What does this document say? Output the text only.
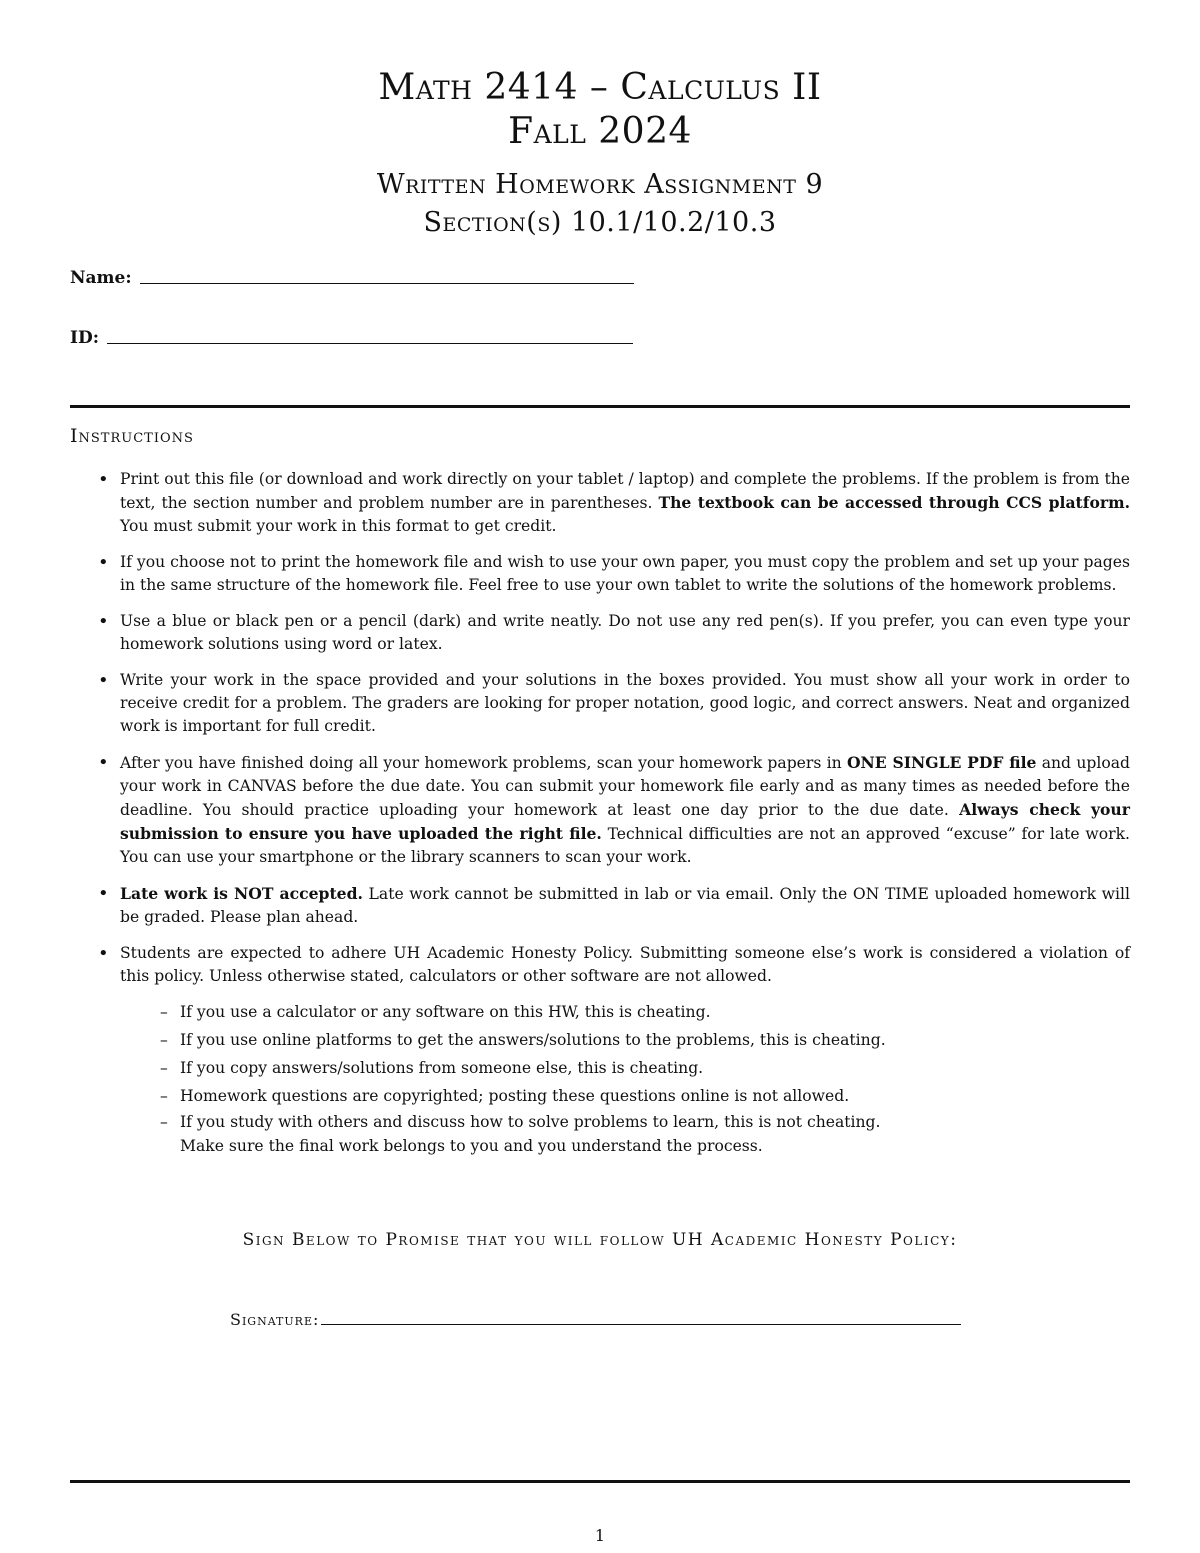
Math 2414 – Calculus II
Fall 2024
Written Homework Assignment 9
Section(s) 10.1/10.2/10.3
Name:
ID:
Instructions
• Print out this file (or download and work directly on your tablet / laptop) and complete the problems. If the problem is from the text, the section number and problem number are in parentheses. The textbook can be accessed through CCS platform. You must submit your work in this format to get credit.
• If you choose not to print the homework file and wish to use your own paper, you must copy the problem and set up your pages in the same structure of the homework file. Feel free to use your own tablet to write the solutions of the homework problems.
• Use a blue or black pen or a pencil (dark) and write neatly. Do not use any red pen(s). If you prefer, you can even type your homework solutions using word or latex.
• Write your work in the space provided and your solutions in the boxes provided. You must show all your work in order to receive credit for a problem. The graders are looking for proper notation, good logic, and correct answers. Neat and organized work is important for full credit.
• After you have finished doing all your homework problems, scan your homework papers in ONE SINGLE PDF file and upload your work in CANVAS before the due date. You can submit your homework file early and as many times as needed before the deadline. You should practice uploading your homework at least one day prior to the due date. Always check your submission to ensure you have uploaded the right file. Technical difficulties are not an approved “excuse” for late work. You can use your smartphone or the library scanners to scan your work.
• Late work is NOT accepted. Late work cannot be submitted in lab or via email. Only the ON TIME uploaded homework will be graded. Please plan ahead.
• Students are expected to adhere UH Academic Honesty Policy. Submitting someone else’s work is considered a violation of this policy. Unless otherwise stated, calculators or other software are not allowed.
– If you use a calculator or any software on this HW, this is cheating.
– If you use online platforms to get the answers/solutions to the problems, this is cheating.
– If you copy answers/solutions from someone else, this is cheating.
– Homework questions are copyrighted; posting these questions online is not allowed.
– If you study with others and discuss how to solve problems to learn, this is not cheating.
Make sure the final work belongs to you and you understand the process.
Sign Below to Promise that you will follow UH Academic Honesty Policy:
Signature:
1
